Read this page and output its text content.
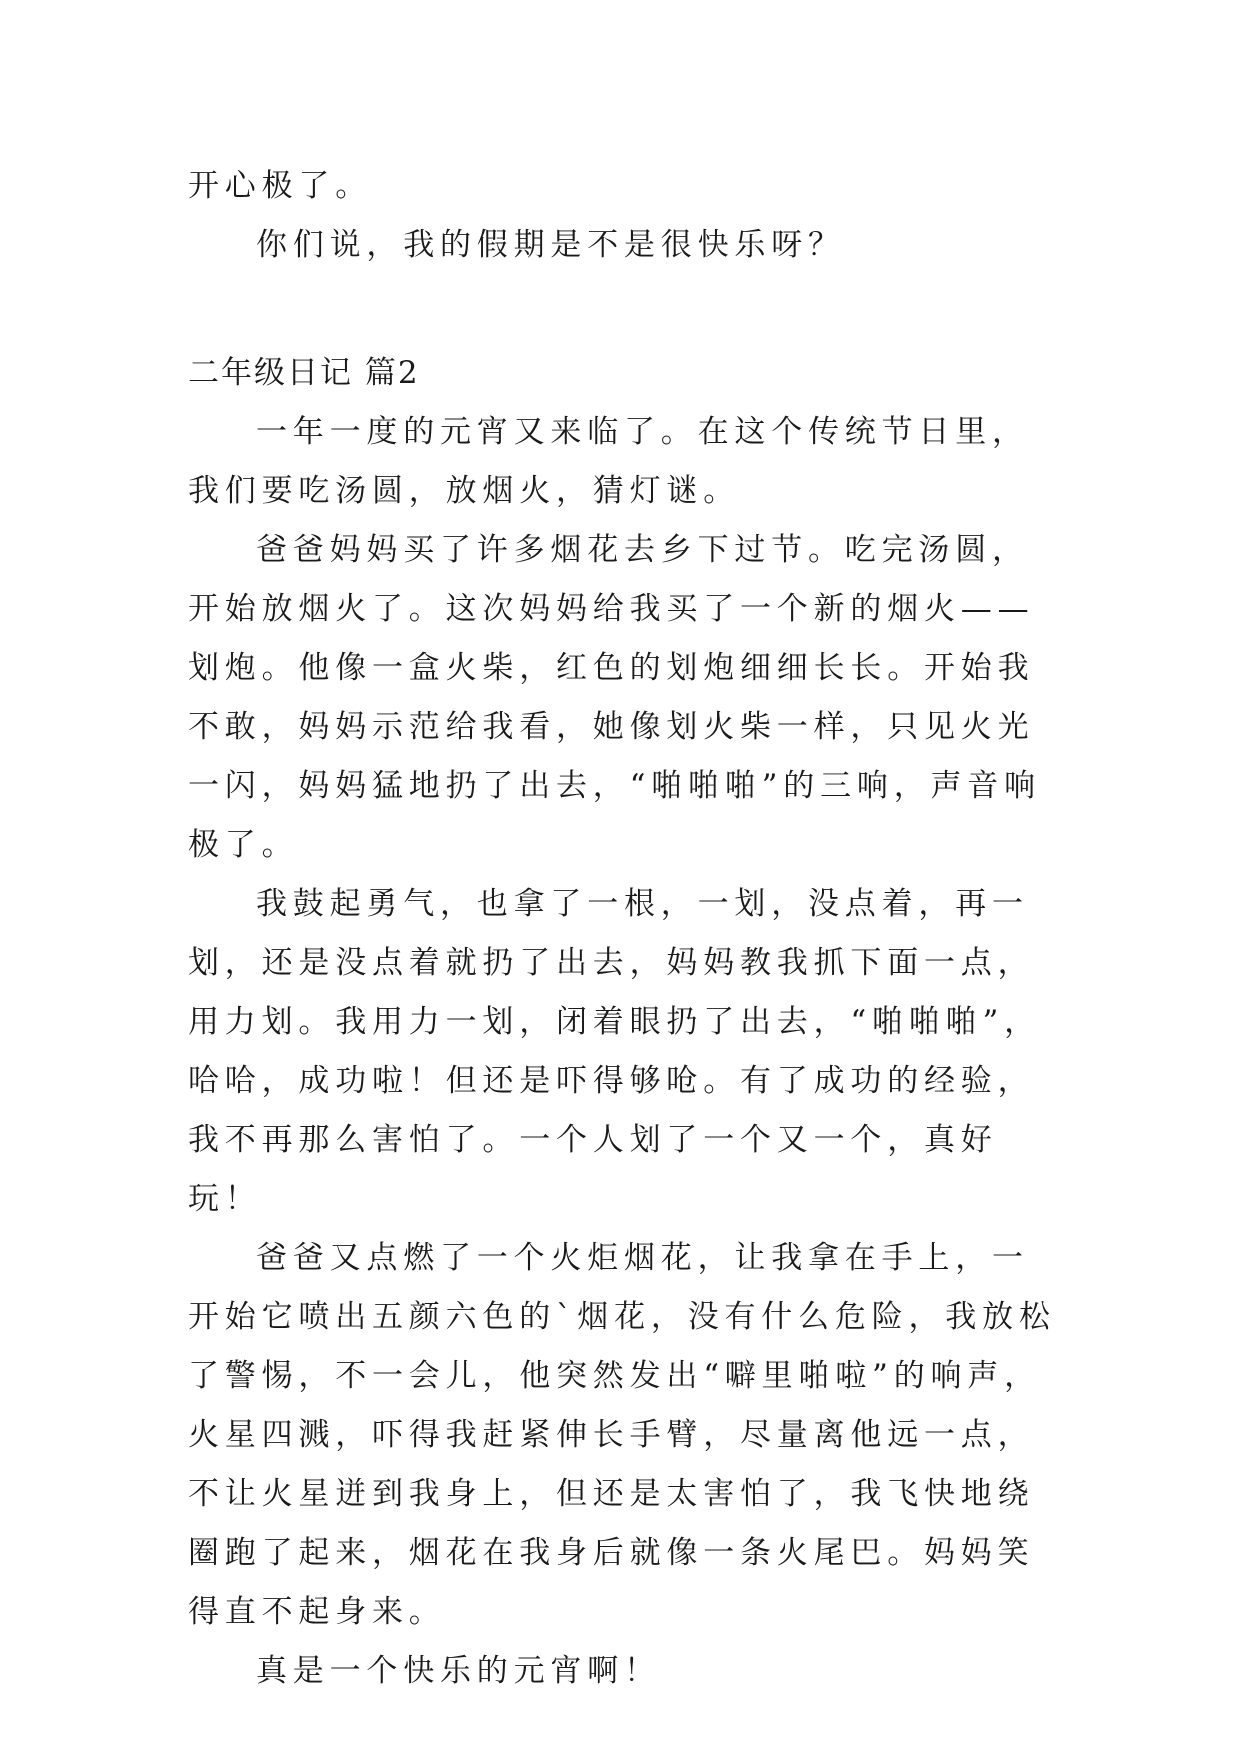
开心极了。

你们说，我的假期是不是很快乐呀？

二年级日记 篇2

一年一度的元宵又来临了。在这个传统节日里，我们要吃汤圆，放烟火，猜灯谜。

爸爸妈妈买了许多烟花去乡下过节。吃完汤圆，开始放烟火了。这次妈妈给我买了一个新的烟火——划炮。他像一盒火柴，红色的划炮细细长长。开始我不敢，妈妈示范给我看，她像划火柴一样，只见火光一闪，妈妈猛地扔了出去，“啪啪啪”的三响，声音响极了。

我鼓起勇气，也拿了一根，一划，没点着，再一划，还是没点着就扔了出去，妈妈教我抓下面一点，用力划。我用力一划，闭着眼扔了出去，“啪啪啪”，哈哈，成功啦！但还是吓得够呛。有了成功的经验，我不再那么害怕了。一个人划了一个又一个，真好玩！

爸爸又点燃了一个火炬烟花，让我拿在手上，一开始它喷出五颜六色的`烟花，没有什么危险，我放松了警惕，不一会儿，他突然发出“噼里啪啦”的响声，火星四溅，吓得我赶紧伸长手臂，尽量离他远一点，不让火星迸到我身上，但还是太害怕了，我飞快地绕圈跑了起来，烟花在我身后就像一条火尾巴。妈妈笑得直不起身来。

真是一个快乐的元宵啊！
